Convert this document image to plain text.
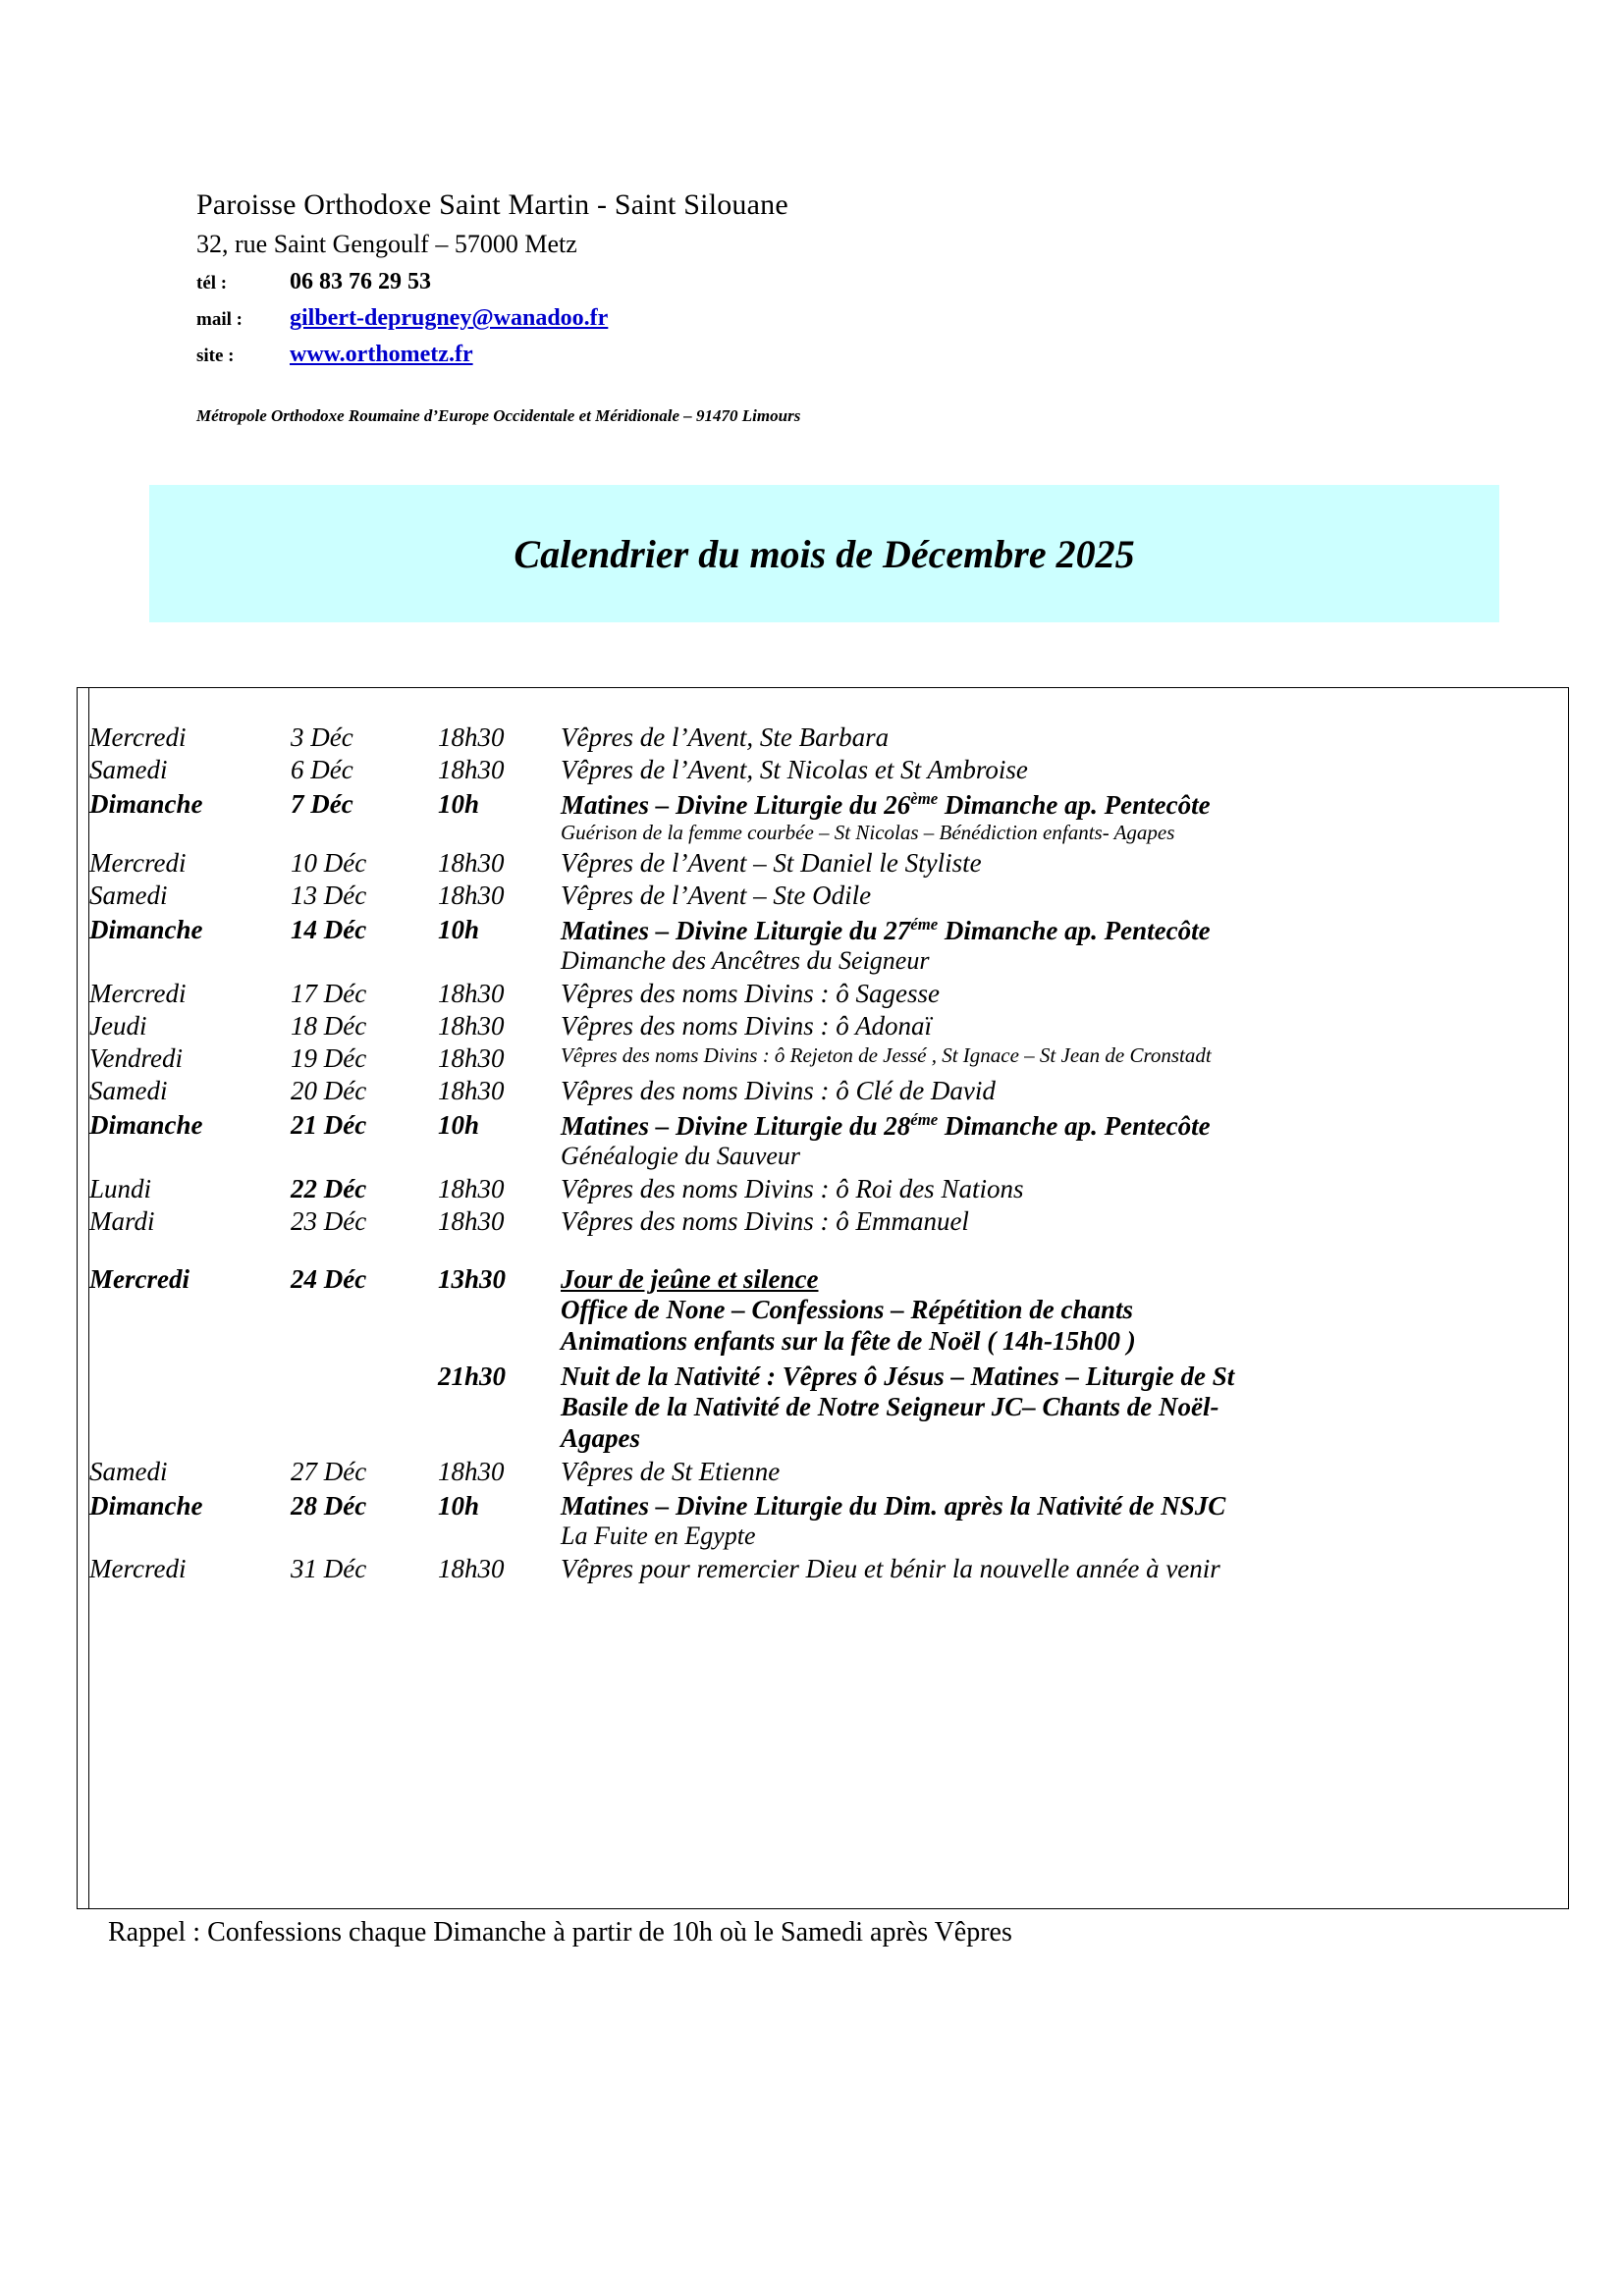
Paroisse Orthodoxe Saint Martin - Saint Silouane
32, rue Saint Gengoulf – 57000 Metz
tél :	06 83 76 29 53
mail :	gilbert-deprugney@wanadoo.fr
site :	www.orthometz.fr
Métropole Orthodoxe Roumaine d’Europe Occidentale et Méridionale – 91470 Limours
Calendrier du mois de Décembre 2025
Mercredi	3 Déc	18h30	Vêpres de l’Avent, Ste Barbara
Samedi	6 Déc	18h30	Vêpres de l’Avent, St Nicolas et St Ambroise
Dimanche	7 Déc	10h	Matines – Divine Liturgie du 26ème Dimanche ap. Pentecôte
Guérison de la femme courbée – St Nicolas – Bénédiction enfants- Agapes
Mercredi	10 Déc	18h30	Vêpres de l’Avent – St Daniel le Styliste
Samedi	13 Déc	18h30	Vêpres de l’Avent – Ste Odile
Dimanche	14 Déc	10h	Matines – Divine Liturgie du $27^{éme}$ Dimanche ap. Pentecôte
Dimanche des Ancêtres du Seigneur
Mercredi	17 Déc	18h30	Vêpres des noms Divins : ô Sagesse
Jeudi	18 Déc	18h30	Vêpres des noms Divins : ô Adonaï
Vendredi	19 Déc	18h30	Vêpres des noms Divins : ô Rejeton de Jessé , St Ignace – St Jean de Cronstadt
Samedi	20 Déc	18h30	Vêpres des noms Divins : ô Clé de David
Dimanche	21 Déc	10h	Matines – Divine Liturgie du $28^{éme}$ Dimanche ap. Pentecôte
Généalogie du Sauveur
Lundi	22 Déc	18h30	Vêpres des noms Divins : ô Roi des Nations
Mardi	23 Déc	18h30	Vêpres des noms Divins : ô Emmanuel
Mercredi	24 Déc	13h30	Jour de jeûne et silence
Office de None – Confessions – Répétition de chants
Animations enfants sur la fête de Noël ( 14h-15h00 )
21h30	Nuit de la Nativité : Vêpres ô Jésus – Matines – Liturgie de St
Basile de la Nativité de Notre Seigneur JC– Chants de Noël-
Agapes
Samedi	27 Déc	18h30	Vêpres de St Etienne
Dimanche	28 Déc	10h	Matines – Divine Liturgie du Dim. après la Nativité de NSJC
La Fuite en Egypte
Mercredi	31 Déc	18h30	Vêpres pour remercier Dieu et bénir la nouvelle année à venir
Rappel : Confessions chaque Dimanche à partir de 10h où le Samedi après Vêpres
